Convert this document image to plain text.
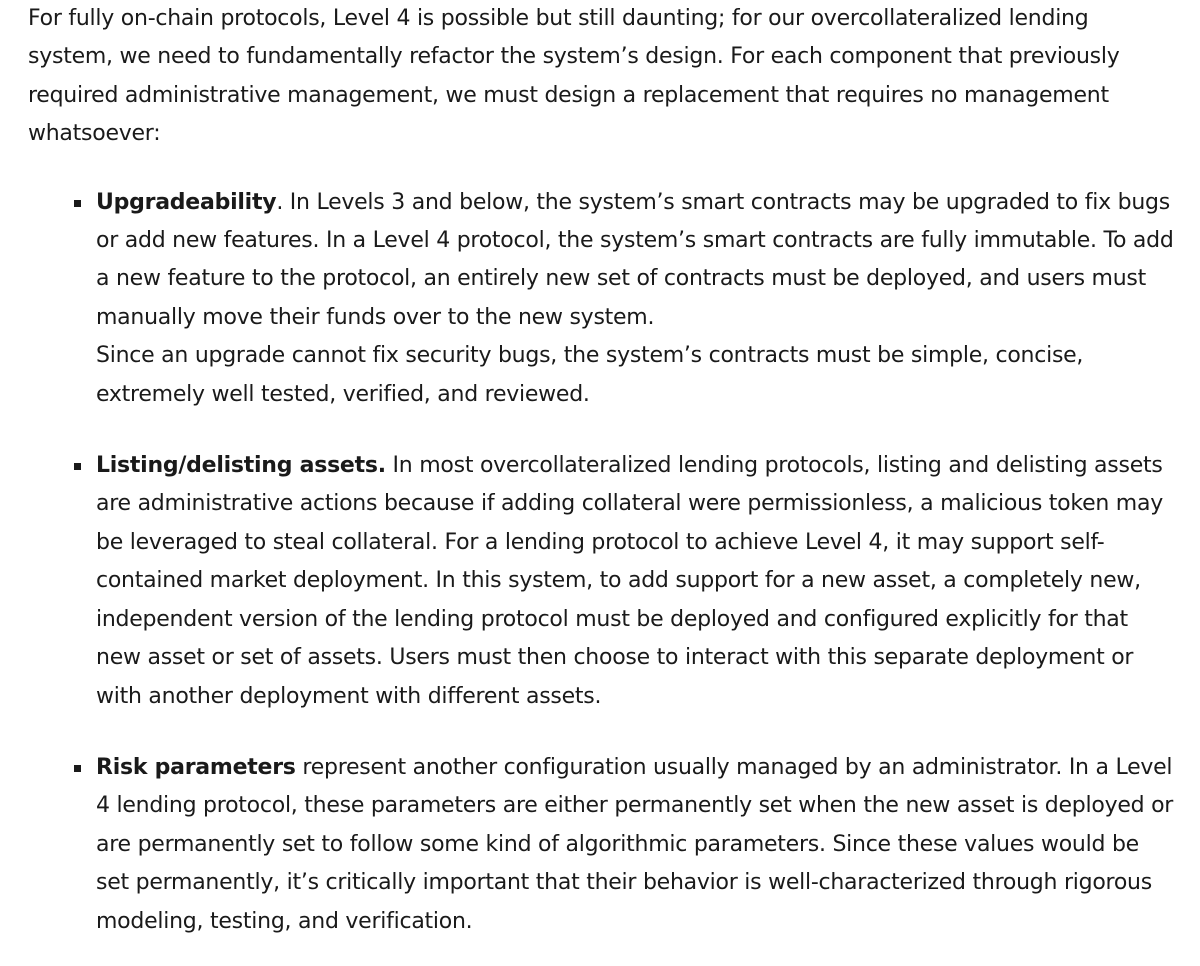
For fully on-chain protocols, Level 4 is possible but still daunting; for our overcollateralized lending system, we need to fundamentally refactor the system’s design. For each component that previously required administrative management, we must design a replacement that requires no management whatsoever:

Upgradeability. In Levels 3 and below, the system’s smart contracts may be upgraded to fix bugs or add new features. In a Level 4 protocol, the system’s smart contracts are fully immutable. To add a new feature to the protocol, an entirely new set of contracts must be deployed, and users must manually move their funds over to the new system.

Since an upgrade cannot fix security bugs, the system’s contracts must be simple, concise, extremely well tested, verified, and reviewed.

Listing/delisting assets. In most overcollateralized lending protocols, listing and delisting assets are administrative actions because if adding collateral were permissionless, a malicious token may be leveraged to steal collateral. For a lending protocol to achieve Level 4, it may support self-contained market deployment. In this system, to add support for a new asset, a completely new, independent version of the lending protocol must be deployed and configured explicitly for that new asset or set of assets. Users must then choose to interact with this separate deployment or with another deployment with different assets.

Risk parameters represent another configuration usually managed by an administrator. In a Level 4 lending protocol, these parameters are either permanently set when the new asset is deployed or are permanently set to follow some kind of algorithmic parameters. Since these values would be set permanently, it’s critically important that their behavior is well-characterized through rigorous modeling, testing, and verification.
